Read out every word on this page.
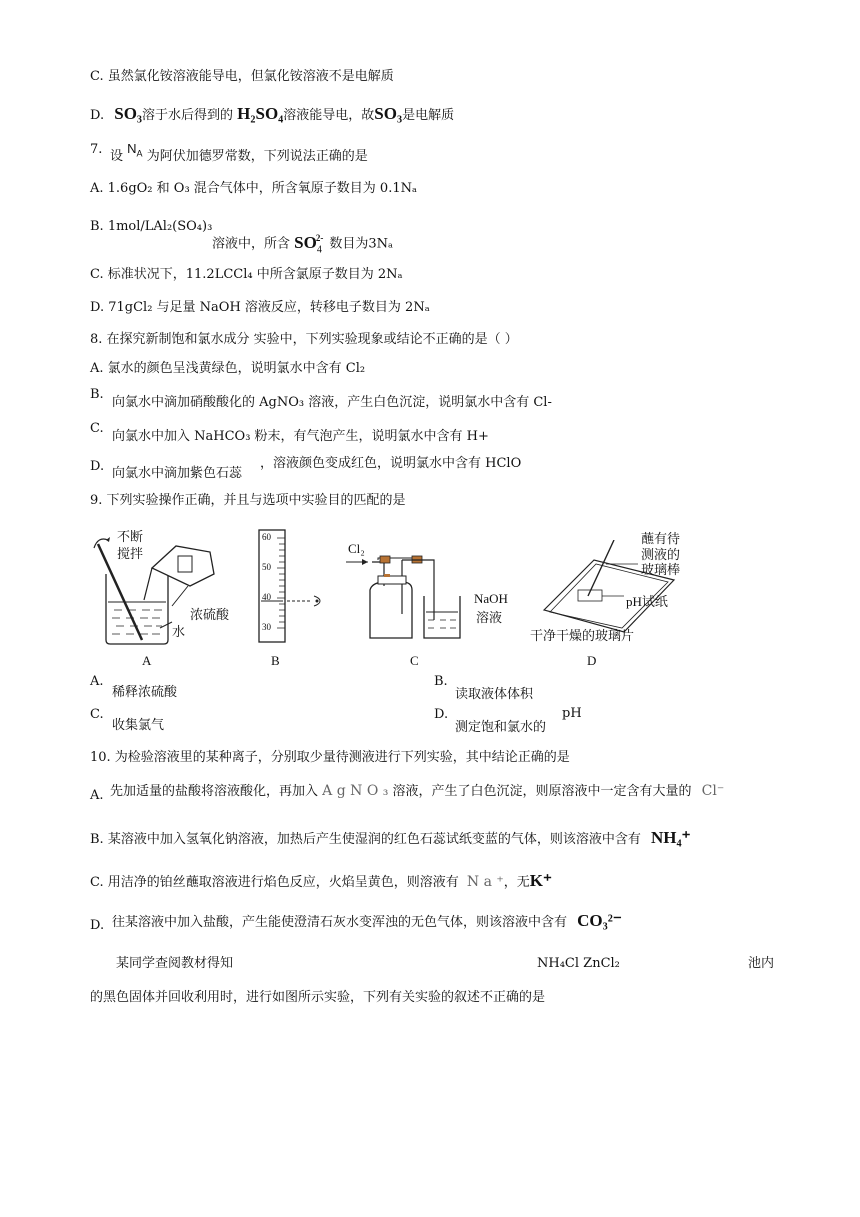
C. 虽然氯化铵溶液能导电，但氯化铵溶液不是电解质
D. SO₃溶于水后得到的 H₂SO₄溶液能导电，故SO₃是电解质
7. 设 $N_A$ 为阿伏加德罗常数，下列说法正确的是
A. 1.6gO₂ 和 O₃ 混合气体中，所含氧原子数目为 0.1Nₐ
B. 1mol/LAl₂(SO₄)₃
溶液中，所含 $SO_4^{2-}$ 数目为3Nₐ
C. 标准状况下，11.2LCCl₄ 中所含氯原子数目为 2Nₐ
D. 71gCl₂ 与足量 NaOH 溶液反应，转移电子数目为 2Nₐ
8. 在探究新制饱和氯水成分 实验中，下列实验现象或结论不正确的是（ ）
A. 氯水的颜色呈浅黄绿色，说明氯水中含有 Cl₂
B.
向氯水中滴加硝酸酸化的 AgNO₃ 溶液，产生白色沉淀，说明氯水中含有 Cl-
C.
向氯水中加入 NaHCO₃ 粉末，有气泡产生，说明氯水中含有 H+
D. 向氯水中滴加紫色石蕊
，溶液颜色变成红色，说明氯水中含有 HClO
9. 下列实验操作正确，并且与选项中实验目的匹配的是
不断
搅拌
浓硫酸
水
A
60
50
40
30
B
Cl₂
NaOH
溶液
C
蘸有待
测液的
玻璃棒
pH试纸
干净干燥的玻璃片
D
A.
稀释浓硫酸
B.
读取液体体积
C.
收集氯气
D.
测定饱和氯水的
pH
10. 为检验溶液里的某种离子，分别取少量待测液进行下列实验，其中结论正确的是
A. 先加适量的盐酸将溶液酸化，再加入 A g N O ₃ 溶液，产生了白色沉淀，则原溶液中一定含有大量的 Cl⁻
B. 某溶液中加入氢氧化钠溶液，加热后产生使湿润的红色石蕊试纸变蓝的气体，则该溶液中含有 NH₄⁺
C. 用洁净的铂丝蘸取溶液进行焰色反应，火焰呈黄色，则溶液有 N a ⁺，无K⁺
D. 往某溶液中加入盐酸，产生能使澄清石灰水变浑浊的无色气体，则该溶液中含有 CO₃²⁻
某同学查阅教材得知	NH₄Cl ZnCl₂	池内
的黑色固体并回收利用时，进行如图所示实验，下列有关实验的叙述不正确的是
